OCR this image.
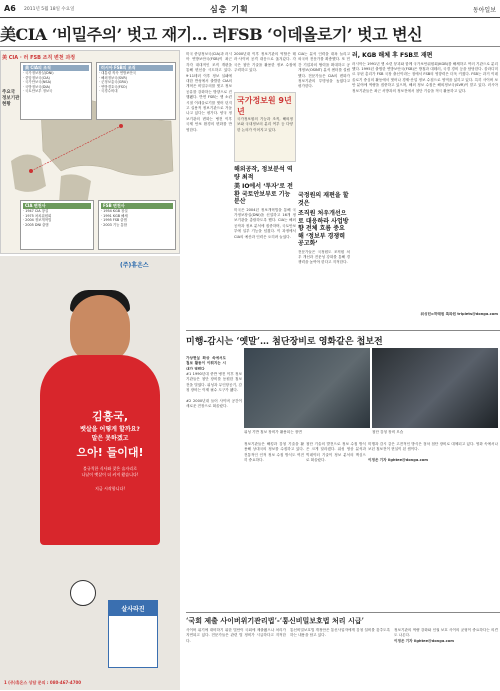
A6 2011년 5월 18일 수요일	심층 기획	동아일보
美CIA ‘비밀주의’ 벗고 재기… 러FSB ‘이데올로기’ 벗고 변신
美 CIA · 러 FSB 조직 변천 과정
美 CIA의 조직
· 국가정보장실(DNI)
· 중앙정보국(CIA)
· 국가안보국(NSA)
· 국방정보국(DIA)
· 국토안보부 정보국
러시아 FSB의 조직
· 대통령 직속 연방보안국
· 해외정보국(SVR)
· 군정보총국(GRU)
· 연방경호국(FSO)
· 국경수비대
주요국 정보기관 현황
CIA 변천사
· 1947 CIA 창설
· 1975 처치위원회
· 2004 정보개혁법
· 2005 DNI 출범
FSB 변천사
· 1954 KGB 창설
· 1991 KGB 해체
· 1995 FSB 출범
· 2003 기능 통합
미국 중앙정보국(CIA)과 러시아 연방보안국(FSB)이 최근 각각 대대적인 조직 개편을 통해 변신을 시도하고 있다. 9·11테러 이후 정보 실패에 대한 반성에서 출발한 CIA의 개혁은 비밀주의를 벗고 정보 공유를 강화하는 방향으로 진행됐다. 반면 FSB는 옛 소련 시절 이데올로기를 벗어 던지고 실용적 정보기관으로 거듭나고 있다는 평가다. 양국 정보기관의 변화는 냉전 이후 국제 안보 환경의 변화를 반영한다.
2000년대 이후 정보기관의 역할은 테러·사이버 공격 대응으로 옮겨갔다. 각국은 첨단 기술을 활용한 정보 수집에 주력하고 있다.
국가정보원 9년년
국가정보원의 기능과 조직, 해외정보와 국내정보의 분리 여부 등 다양한 논의가 이어지고 있다.
해외공작, 정보분석 역량 최적
美 IO에서 ‘투자’로 전환 국토안보부로 기능 분산
미국은 2004년 정보개혁법을 통해 국가정보장실(DNI)을 신설하고 16개 정보기관을 총괄하도록 했다. CIA는 해외 공작과 정보 분석에 집중하며, 국토안보부에 일부 기능을 넘겼다. 이 과정에서 CIA의 예산과 인력은 오히려 늘었다.
CIA는 분석 인력을 대폭 늘리고 외국어 전문가를 확충했다. 또 민간 기업과의 협력을 확대하고 공개정보(OSINT) 분석 센터를 설립했다. 전문가들은 CIA의 변화가 정보기관의 투명성을 높였다고 평가한다.
국정원의 재편을 할 것은
조직원 처우개선으로 대응하라 사업방향 전체 흐름 중요해 ‘정보부 경쟁력 공고화’
전문가들은 국정원도 조직원 처우 개선과 전문성 강화를 통해 경쟁력을 높여야 한다고 지적한다.
러, KGB 해체 후 FSB로 재편
러시아는 1991년 옛 소련 붕괴와 함께 국가보안위원회(KGB)를 해체하고 여러 기관으로 분리했다. 1995년 출범한 연방보안국(FSB)은 방첩과 대테러, 국경 경비 등을 담당한다. 블라디미르 푸틴 총리가 FSB 국장 출신이라는 점에서 FSB의 영향력은 더욱 커졌다. FSB는 과거 이데올로기 중심의 활동에서 벗어나 경제·산업 정보 수집으로 영역을 넓히고 있다. 특히 사이버 보안 분야에 역량을 집중하고 있으며, 해외 정보 수집은 해외정보국(SVR)이 맡고 있다. 러시아 정보기관들은 최근 서방과의 정보전에서 첨단 기술을 적극 활용하고 있다.
워싱턴=하태원 특파원 triplets@donga.com
(주)휴온스
김흥국,
뱃살을 어떻게 할까요?
말은 못하겠고
으아! 들이대!
불규칙한 식사와 잦은 술자리로
나날이 뱃살이 더 커져 왔습니다!
지금 시작합니다!
살사라진
1 (주)휴온스 상담 문의 : 080-467-4700
미행-감시는 ‘옛말’… 첨단장비로 영화같은 첩보전
가상현실 화상 속에서도 첩보 활동이 이뤄지는 시대가 열렸다
위성 기반 첩보 장비가 활용되는 장면	첨단 감청 장비 모습
#1 1990년대 중반 냉전 이후 정보기관들은 첨단 장비를 동원한 첩보전을 벌였다. 위성과 무인항공기, 감청 장비는 이제 필수 도구가 됐다.

#2 2000년대 들어 사이버 공간이 새로운 전장으로 떠올랐다.
정보기관들은 해킹과 감청 기술을 활용해 상대국의 정보를 수집하고 있다. 전통적인 인적 정보 수집 방식도 여전히 중요하다.
첨단 기술의 발전으로 정보 수집 방식은 크게 달라졌다. 위성 영상 분석과 빅데이터 기술이 정보 분석의 핵심으로 떠올랐다.
미행과 감시 같은 고전적인 방식은 점차 첨단 장비로 대체되고 있다. 영화 속에서나 보던 첩보전이 현실이 된 셈이다.

이정은 기자 lightee@donga.com
‘국회 제출 사이버위기관리법’-‘통신비밀보호법 처리 시급’
사이버 위기에 대비하기 위한 법안이 국회에 제출됐으나 처리가 지연되고 있다. 전문가들은 관련 법 정비가 시급하다고 지적한다.
통신비밀보호법 개정안은 통신사업자에게 감청 설비를 갖추도록 하는 내용을 담고 있다.
정보기관의 역량 강화와 인권 보호 사이의 균형이 중요하다는 의견도 나온다.
이정은 기자 lightee@donga.com
